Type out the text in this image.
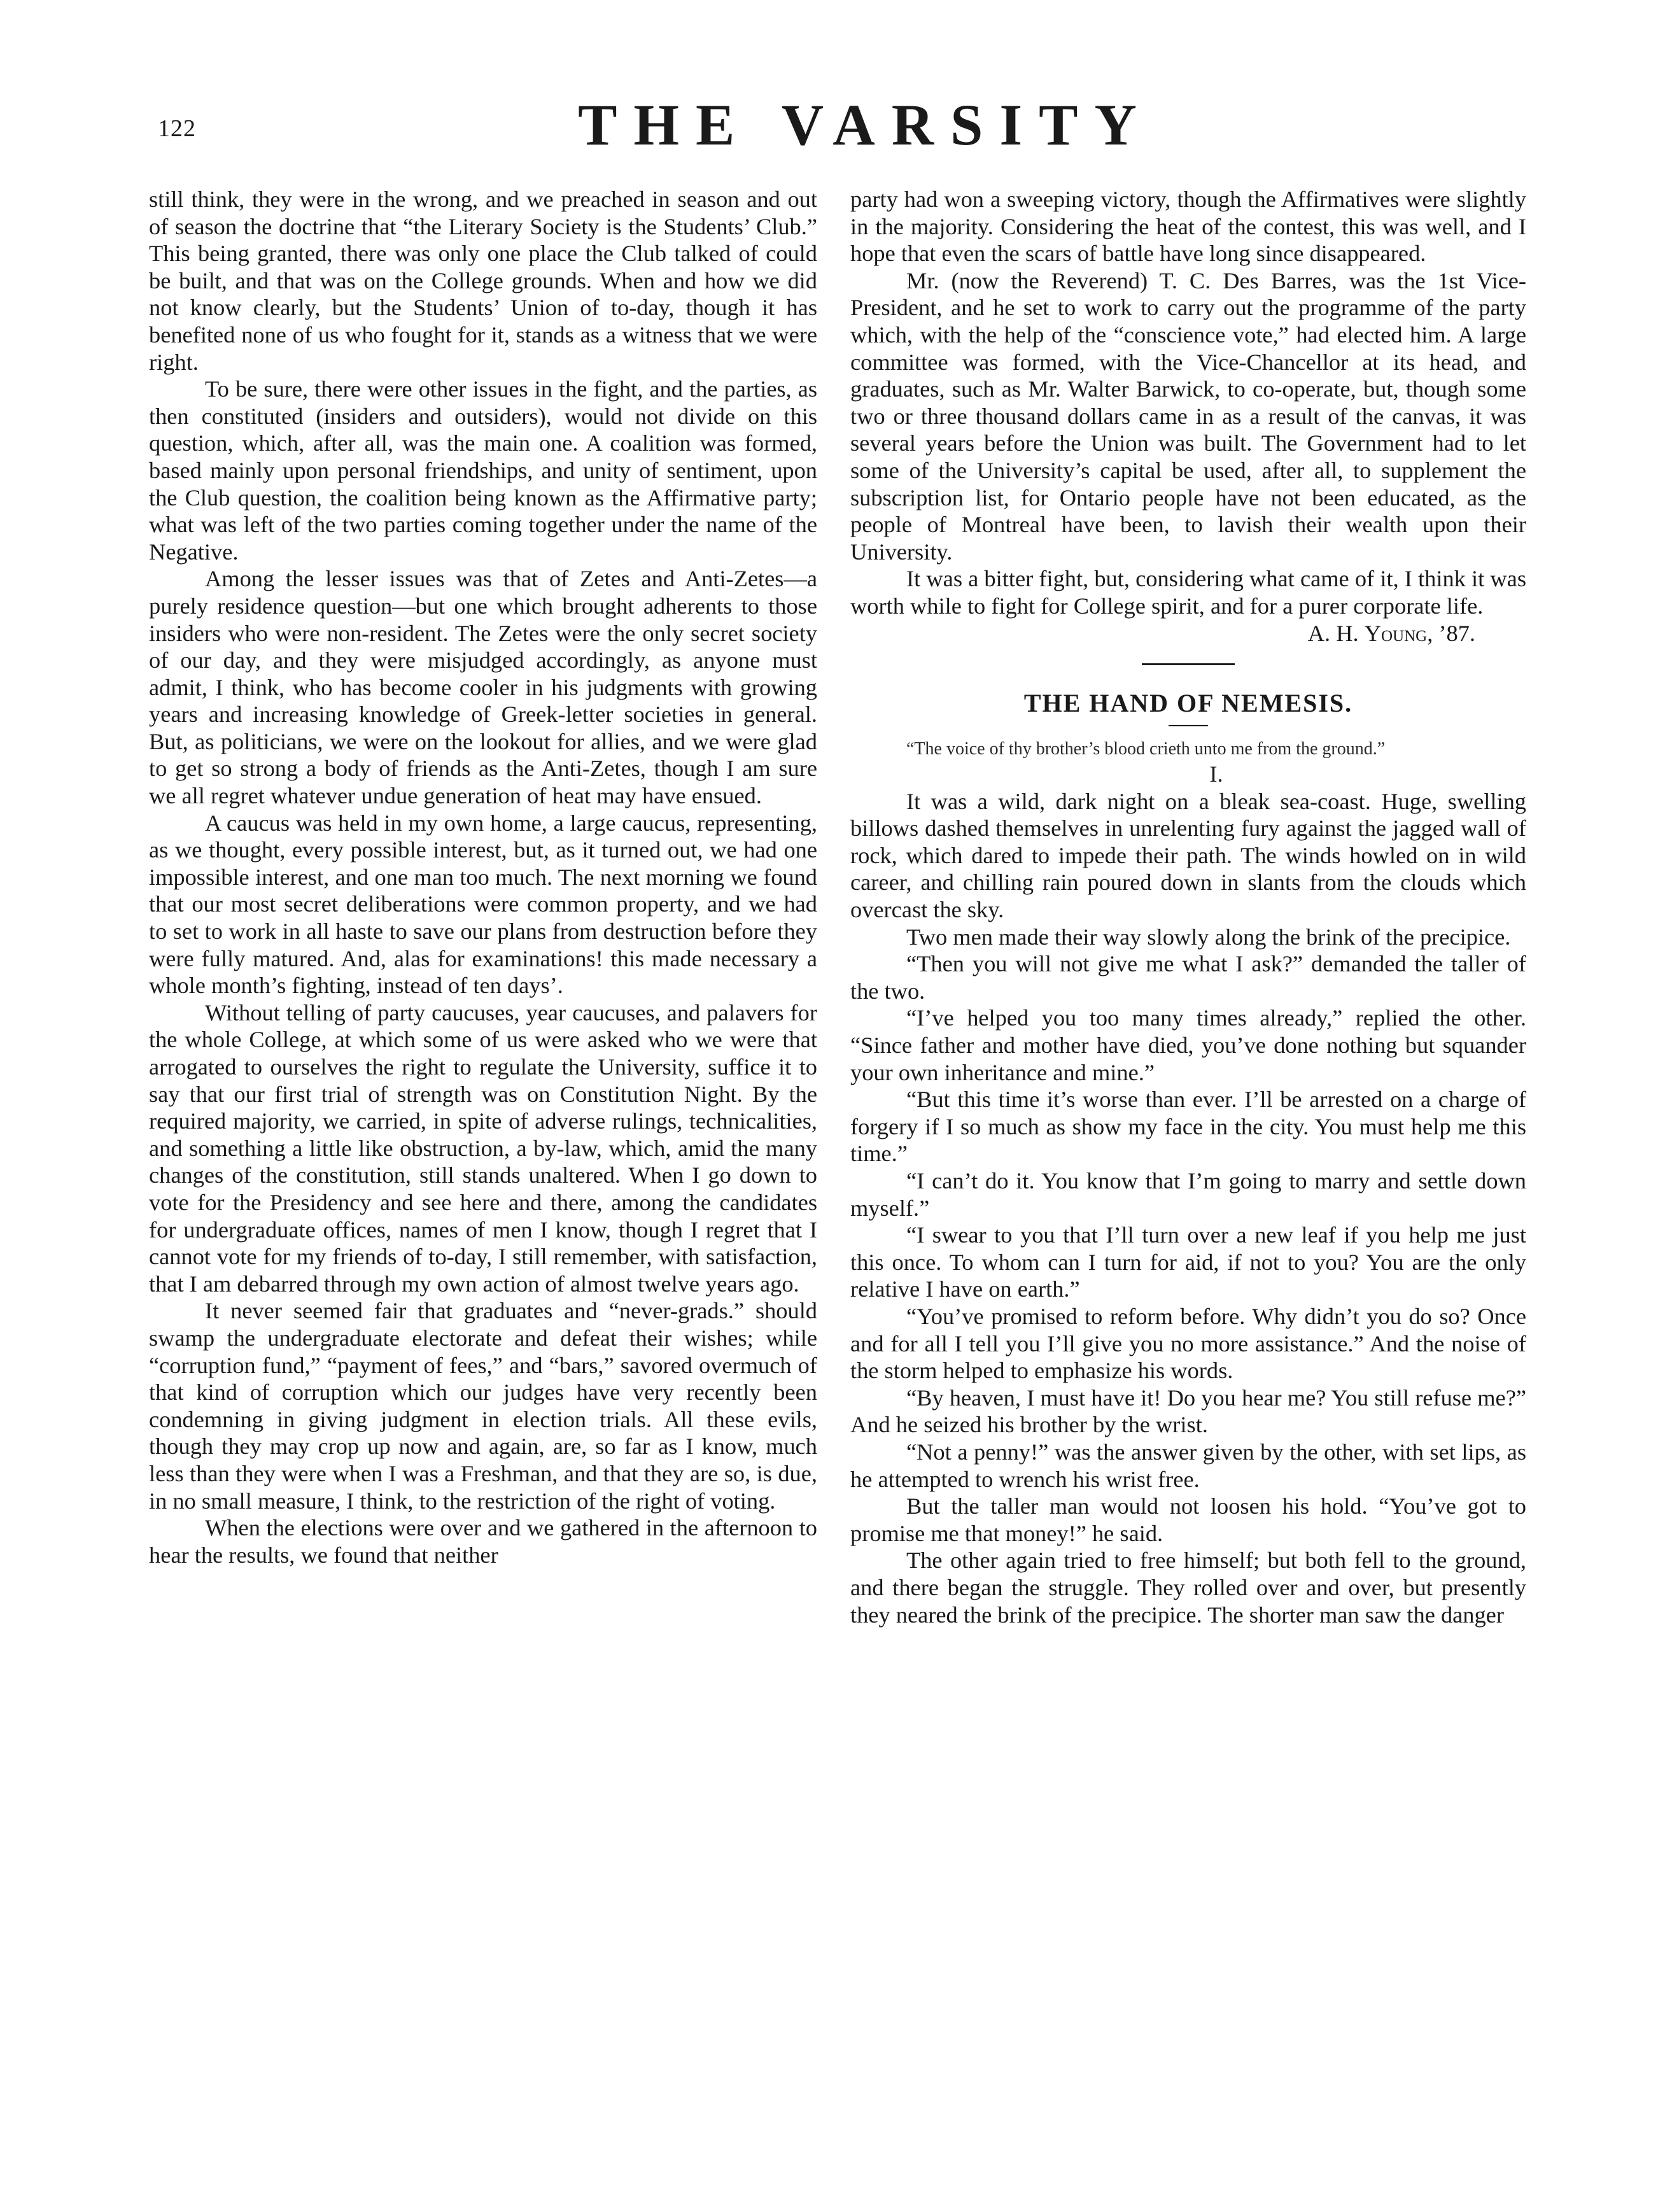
122	THE VARSITY

still think, they were in the wrong, and we preached in season and out of season the doctrine that “the Literary Society is the Students’ Club.” This being granted, there was only one place the Club talked of could be built, and that was on the College grounds. When and how we did not know clearly, but the Students’ Union of to-day, though it has benefited none of us who fought for it, stands as a witness that we were right.

To be sure, there were other issues in the fight, and the parties, as then constituted (insiders and outsiders), would not divide on this question, which, after all, was the main one. A coalition was formed, based mainly upon personal friendships, and unity of sentiment, upon the Club question, the coalition being known as the Affirmative party; what was left of the two parties coming together under the name of the Negative.

Among the lesser issues was that of Zetes and Anti-Zetes—a purely residence question—but one which brought adherents to those insiders who were non-resident. The Zetes were the only secret society of our day, and they were misjudged accordingly, as anyone must admit, I think, who has become cooler in his judgments with growing years and increasing knowledge of Greek-letter societies in general. But, as politicians, we were on the lookout for allies, and we were glad to get so strong a body of friends as the Anti-Zetes, though I am sure we all regret whatever undue generation of heat may have ensued.

A caucus was held in my own home, a large caucus, representing, as we thought, every possible interest, but, as it turned out, we had one impossible interest, and one man too much. The next morning we found that our most secret deliberations were common property, and we had to set to work in all haste to save our plans from destruction before they were fully matured. And, alas for examinations! this made necessary a whole month’s fighting, instead of ten days’.

Without telling of party caucuses, year caucuses, and palavers for the whole College, at which some of us were asked who we were that arrogated to ourselves the right to regulate the University, suffice it to say that our first trial of strength was on Constitution Night. By the required majority, we carried, in spite of adverse rulings, technicalities, and something a little like obstruction, a by-law, which, amid the many changes of the constitution, still stands unaltered. When I go down to vote for the Presidency and see here and there, among the candidates for undergraduate offices, names of men I know, though I regret that I cannot vote for my friends of to-day, I still remember, with satisfaction, that I am debarred through my own action of almost twelve years ago.

It never seemed fair that graduates and “never-grads.” should swamp the undergraduate electorate and defeat their wishes; while “corruption fund,” “payment of fees,” and “bars,” savored overmuch of that kind of corruption which our judges have very recently been condemning in giving judgment in election trials. All these evils, though they may crop up now and again, are, so far as I know, much less than they were when I was a Freshman, and that they are so, is due, in no small measure, I think, to the restriction of the right of voting.

When the elections were over and we gathered in the afternoon to hear the results, we found that neither

party had won a sweeping victory, though the Affirmatives were slightly in the majority. Considering the heat of the contest, this was well, and I hope that even the scars of battle have long since disappeared.

Mr. (now the Reverend) T. C. Des Barres, was the 1st Vice-President, and he set to work to carry out the programme of the party which, with the help of the “conscience vote,” had elected him. A large committee was formed, with the Vice-Chancellor at its head, and graduates, such as Mr. Walter Barwick, to co-operate, but, though some two or three thousand dollars came in as a result of the canvas, it was several years before the Union was built. The Government had to let some of the University’s capital be used, after all, to supplement the subscription list, for Ontario people have not been educated, as the people of Montreal have been, to lavish their wealth upon their University.

It was a bitter fight, but, considering what came of it, I think it was worth while to fight for College spirit, and for a purer corporate life.

A. H. Young, ’87.

THE HAND OF NEMESIS.

“The voice of thy brother’s blood crieth unto me from the ground.”

I.

It was a wild, dark night on a bleak sea-coast. Huge, swelling billows dashed themselves in unrelenting fury against the jagged wall of rock, which dared to impede their path. The winds howled on in wild career, and chilling rain poured down in slants from the clouds which overcast the sky.

Two men made their way slowly along the brink of the precipice.

“Then you will not give me what I ask?” demanded the taller of the two.

“I’ve helped you too many times already,” replied the other. “Since father and mother have died, you’ve done nothing but squander your own inheritance and mine.”

“But this time it’s worse than ever. I’ll be arrested on a charge of forgery if I so much as show my face in the city. You must help me this time.”

“I can’t do it. You know that I’m going to marry and settle down myself.”

“I swear to you that I’ll turn over a new leaf if you help me just this once. To whom can I turn for aid, if not to you? You are the only relative I have on earth.”

“You’ve promised to reform before. Why didn’t you do so? Once and for all I tell you I’ll give you no more assistance.” And the noise of the storm helped to emphasize his words.

“By heaven, I must have it! Do you hear me? You still refuse me?” And he seized his brother by the wrist.

“Not a penny!” was the answer given by the other, with set lips, as he attempted to wrench his wrist free.

But the taller man would not loosen his hold. “You’ve got to promise me that money!” he said.

The other again tried to free himself; but both fell to the ground, and there began the struggle. They rolled over and over, but presently they neared the brink of the precipice. The shorter man saw the danger
